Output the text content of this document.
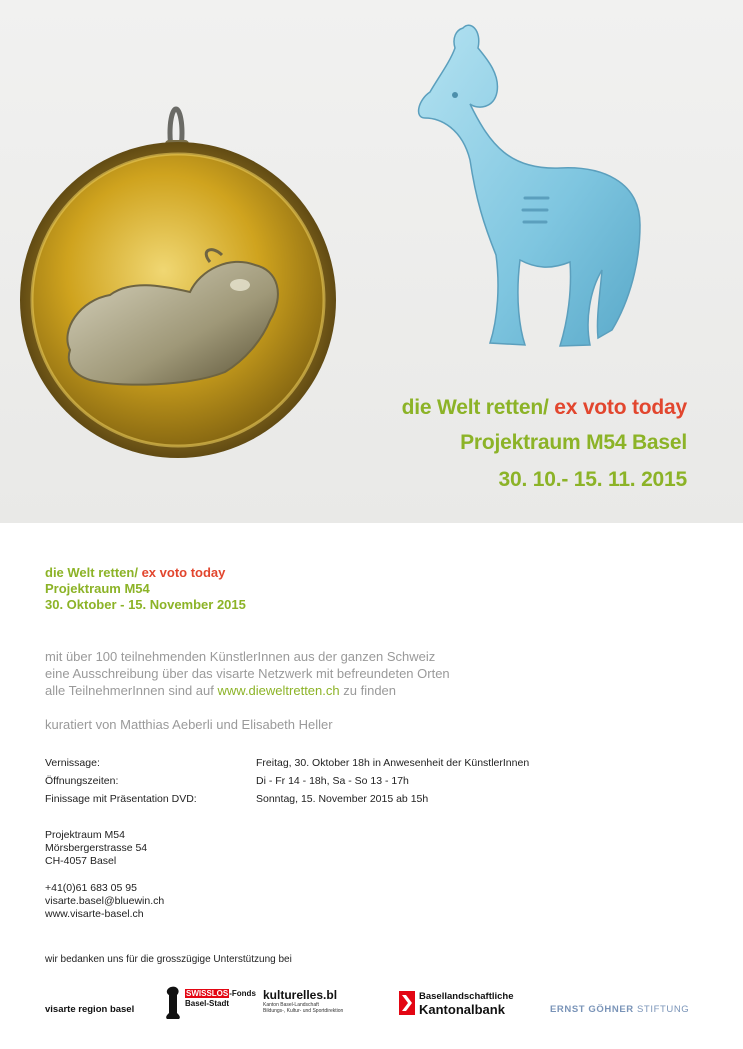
die Welt retten/ ex voto today
Projektraum M54 Basel
30. 10.- 15. 11. 2015
die Welt retten/ ex voto today
Projektraum M54
30. Oktober - 15. November 2015
mit über 100 teilnehmenden KünstlerInnen aus der ganzen Schweiz
eine Ausschreibung über das visarte Netzwerk mit befreundeten Orten
alle TeilnehmerInnen sind auf www.dieweltretten.ch zu finden
kuratiert von Matthias Aeberli und Elisabeth Heller
Vernissage:	Freitag, 30. Oktober 18h in Anwesenheit der KünstlerInnen
Öffnungszeiten:	Di - Fr 14 - 18h, Sa - So 13 - 17h
Finissage mit Präsentation DVD:	Sonntag, 15. November 2015 ab 15h
Projektraum M54
Mörsbergerstrasse 54
CH-4057 Basel
+41(0)61 683 05 95
visarte.basel@bluewin.ch
www.visarte-basel.ch
wir bedanken uns für die grosszügige Unterstützung bei
visarte region basel
SWISSLOS-Fonds
Basel-Stadt
kulturelles.bl
Kanton Basel-Landschaft
Bildungs-, Kultur- und Sportdirektion
Basellandschaftliche
Kantonalbank	ERNST GÖHNER STIFTUNG
